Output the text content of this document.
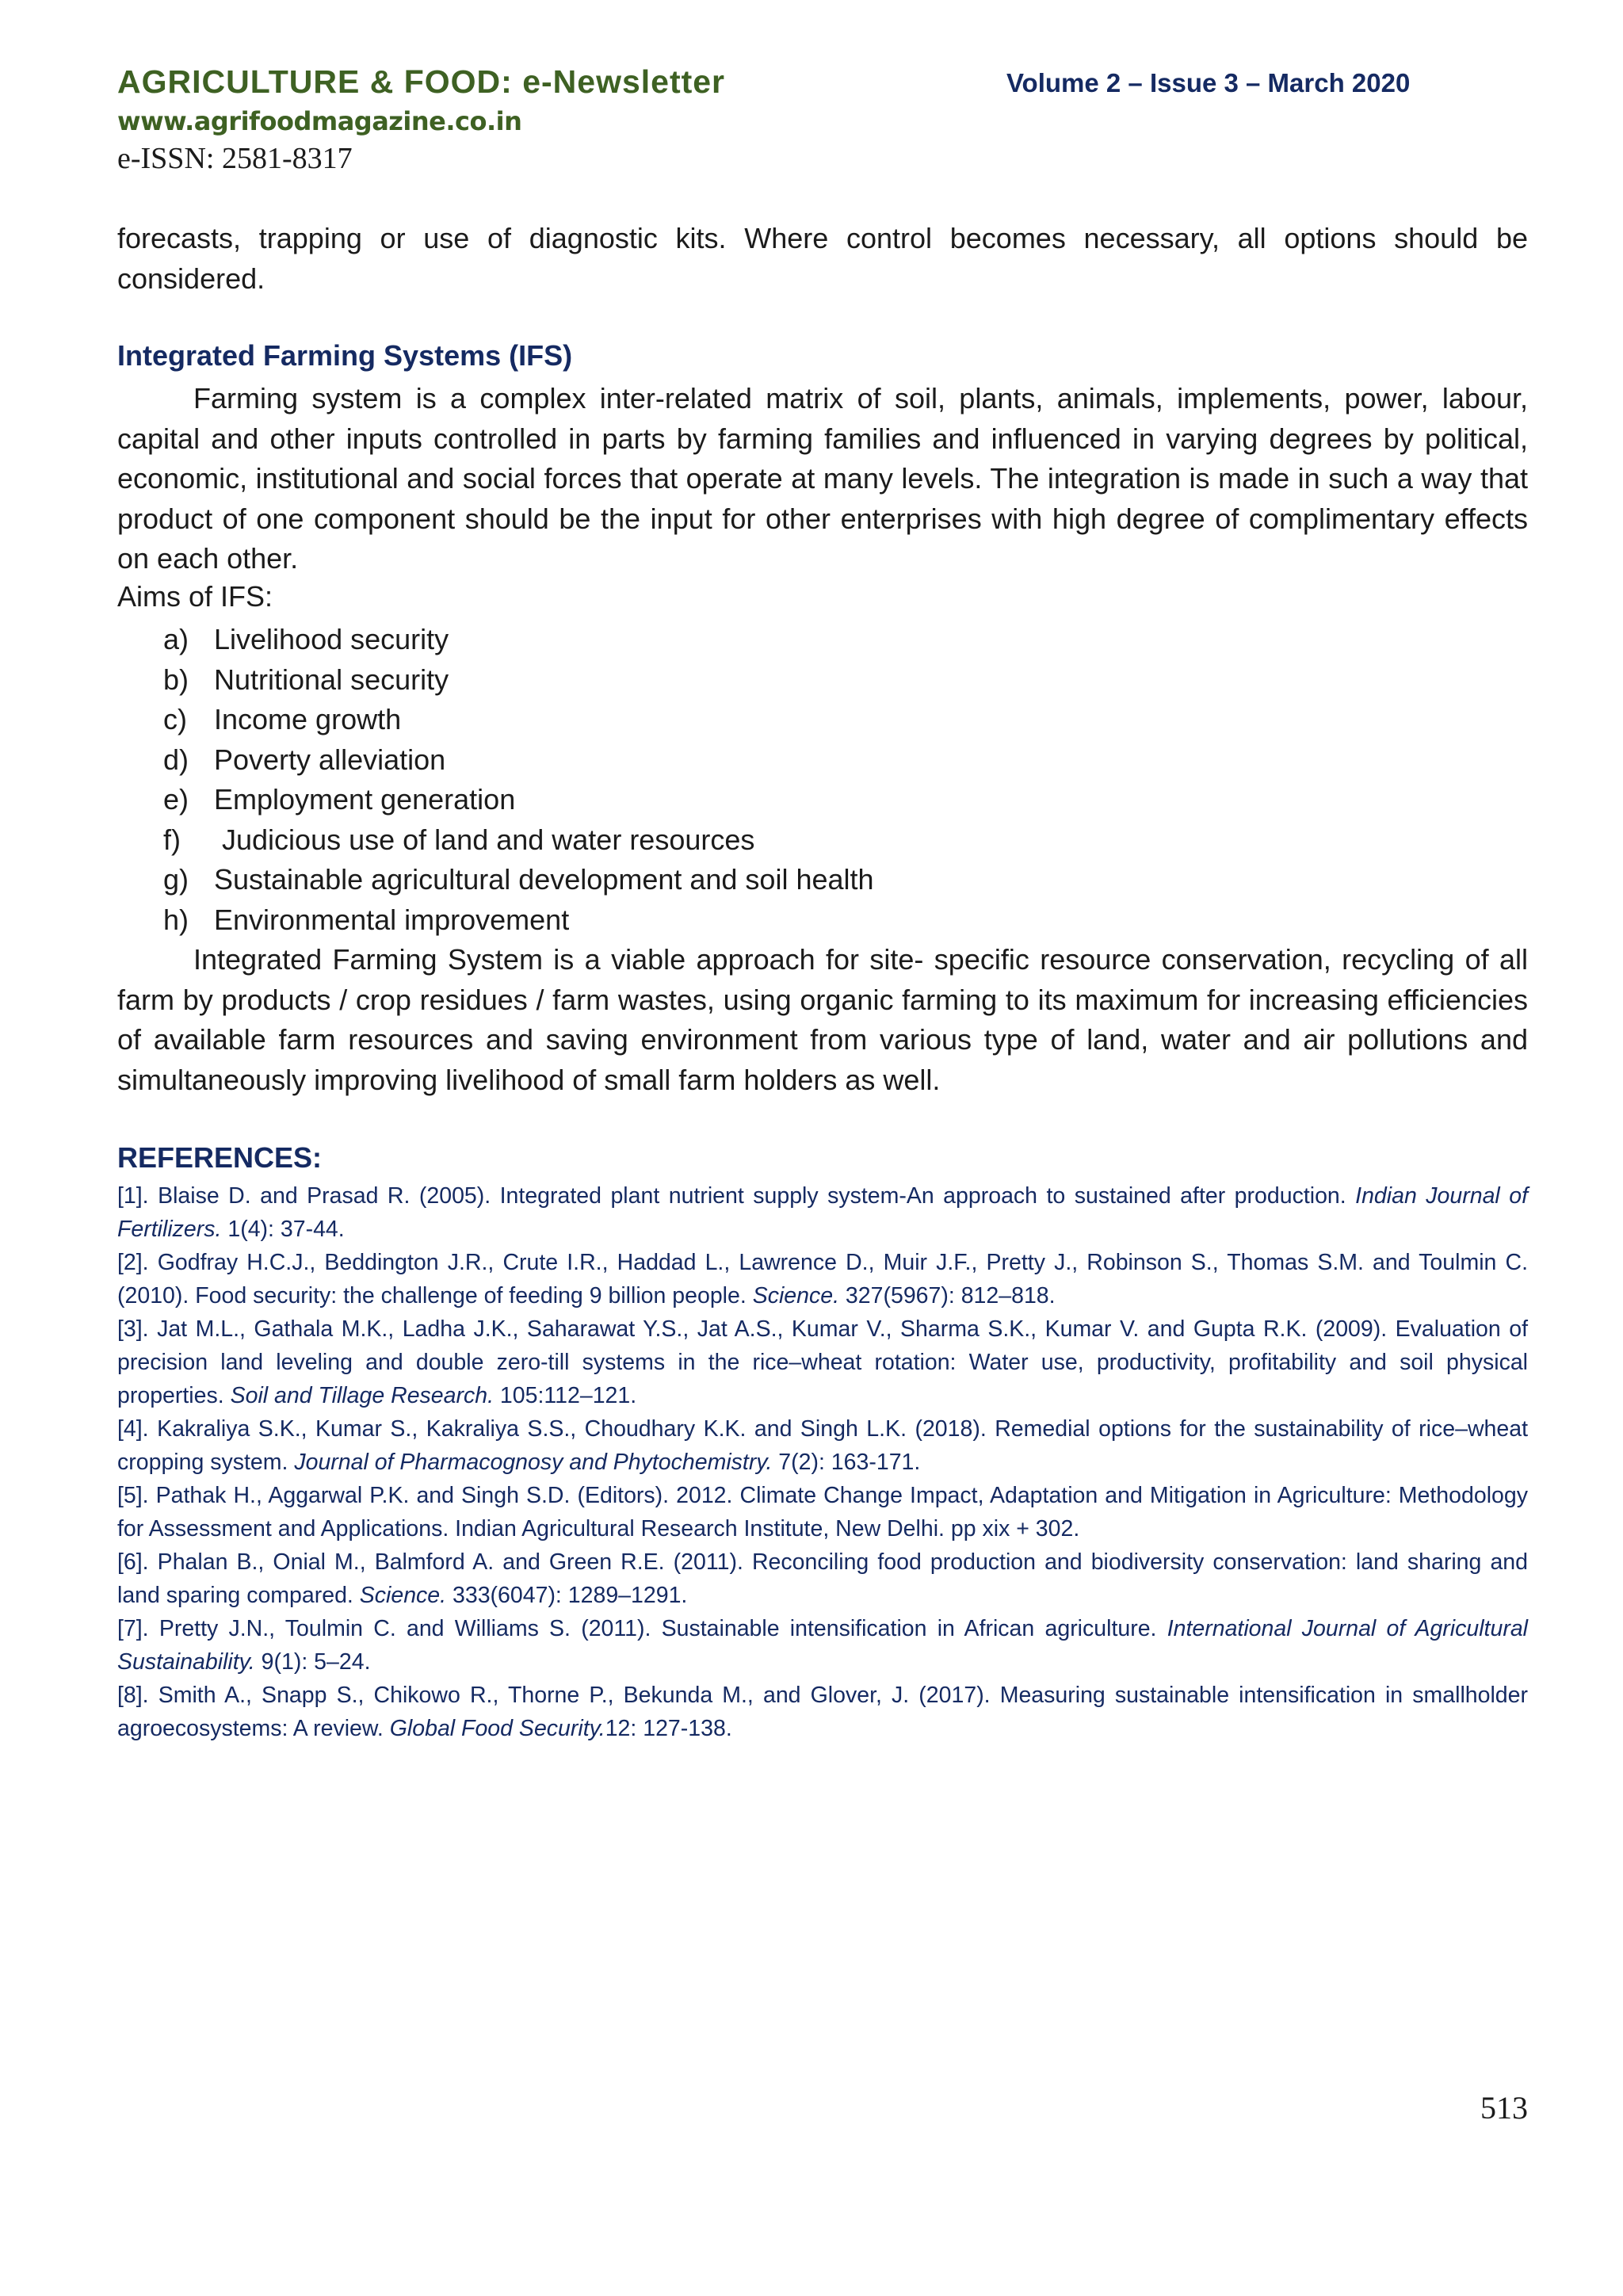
AGRICULTURE & FOOD: e-Newsletter	Volume 2 – Issue 3 – March 2020
www.agrifoodmagazine.co.in
e-ISSN: 2581-8317

forecasts, trapping or use of diagnostic kits. Where control becomes necessary, all options should be considered.

Integrated Farming Systems (IFS)

Farming system is a complex inter-related matrix of soil, plants, animals, implements, power, labour, capital and other inputs controlled in parts by farming families and influenced in varying degrees by political, economic, institutional and social forces that operate at many levels. The integration is made in such a way that product of one component should be the input for other enterprises with high degree of complimentary effects on each other.

Aims of IFS:
a) Livelihood security
b) Nutritional security
c) Income growth
d) Poverty alleviation
e) Employment generation
f) Judicious use of land and water resources
g) Sustainable agricultural development and soil health
h) Environmental improvement

Integrated Farming System is a viable approach for site- specific resource conservation, recycling of all farm by products / crop residues / farm wastes, using organic farming to its maximum for increasing efficiencies of available farm resources and saving environment from various type of land, water and air pollutions and simultaneously improving livelihood of small farm holders as well.

REFERENCES:

[1]. Blaise D. and Prasad R. (2005). Integrated plant nutrient supply system-An approach to sustained after production. Indian Journal of Fertilizers. 1(4): 37-44.

[2]. Godfray H.C.J., Beddington J.R., Crute I.R., Haddad L., Lawrence D., Muir J.F., Pretty J., Robinson S., Thomas S.M. and Toulmin C. (2010). Food security: the challenge of feeding 9 billion people. Science. 327(5967): 812–818.

[3]. Jat M.L., Gathala M.K., Ladha J.K., Saharawat Y.S., Jat A.S., Kumar V., Sharma S.K., Kumar V. and Gupta R.K. (2009). Evaluation of precision land leveling and double zero-till systems in the rice–wheat rotation: Water use, productivity, profitability and soil physical properties. Soil and Tillage Research. 105:112–121.

[4]. Kakraliya S.K., Kumar S., Kakraliya S.S., Choudhary K.K. and Singh L.K. (2018). Remedial options for the sustainability of rice–wheat cropping system. Journal of Pharmacognosy and Phytochemistry. 7(2): 163-171.

[5]. Pathak H., Aggarwal P.K. and Singh S.D. (Editors). 2012. Climate Change Impact, Adaptation and Mitigation in Agriculture: Methodology for Assessment and Applications. Indian Agricultural Research Institute, New Delhi. pp xix + 302.

[6]. Phalan B., Onial M., Balmford A. and Green R.E. (2011). Reconciling food production and biodiversity conservation: land sharing and land sparing compared. Science. 333(6047): 1289–1291.

[7]. Pretty J.N., Toulmin C. and Williams S. (2011). Sustainable intensification in African agriculture. International Journal of Agricultural Sustainability. 9(1): 5–24.

[8]. Smith A., Snapp S., Chikowo R., Thorne P., Bekunda M., and Glover, J. (2017). Measuring sustainable intensification in smallholder agroecosystems: A review. Global Food Security.12: 127-138.

513
